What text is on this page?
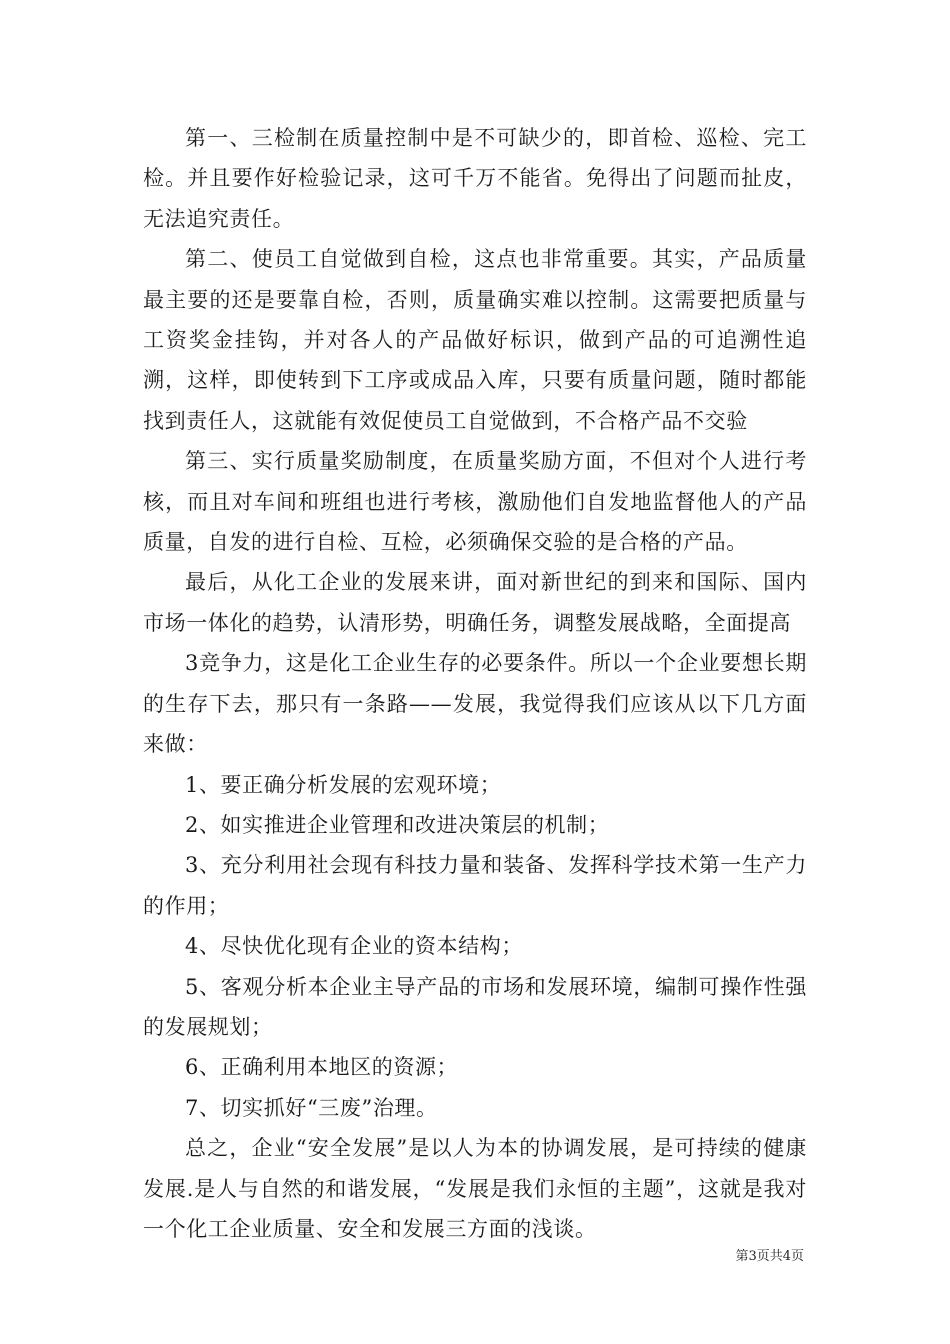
第一、三检制在质量控制中是不可缺少的，即首检、巡检、完工检。并且要作好检验记录，这可千万不能省。免得出了问题而扯皮，无法追究责任。

第二、使员工自觉做到自检，这点也非常重要。其实，产品质量最主要的还是要靠自检，否则，质量确实难以控制。这需要把质量与工资奖金挂钩，并对各人的产品做好标识，做到产品的可追溯性追溯，这样，即使转到下工序或成品入库，只要有质量问题，随时都能找到责任人，这就能有效促使员工自觉做到，不合格产品不交验

第三、实行质量奖励制度，在质量奖励方面，不但对个人进行考核，而且对车间和班组也进行考核，激励他们自发地监督他人的产品质量，自发的进行自检、互检，必须确保交验的是合格的产品。

最后，从化工企业的发展来讲，面对新世纪的到来和国际、国内市场一体化的趋势，认清形势，明确任务，调整发展战略，全面提高

3竞争力，这是化工企业生存的必要条件。所以一个企业要想长期的生存下去，那只有一条路——发展，我觉得我们应该从以下几方面来做：

1、要正确分析发展的宏观环境；

2、如实推进企业管理和改进决策层的机制；

3、充分利用社会现有科技力量和装备、发挥科学技术第一生产力的作用；

4、尽快优化现有企业的资本结构；

5、客观分析本企业主导产品的市场和发展环境，编制可操作性强的发展规划；

6、正确利用本地区的资源；

7、切实抓好“三废”治理。

总之，企业“安全发展”是以人为本的协调发展，是可持续的健康发展.是人与自然的和谐发展，“发展是我们永恒的主题”，这就是我对一个化工企业质量、安全和发展三方面的浅谈。

第3页共4页
